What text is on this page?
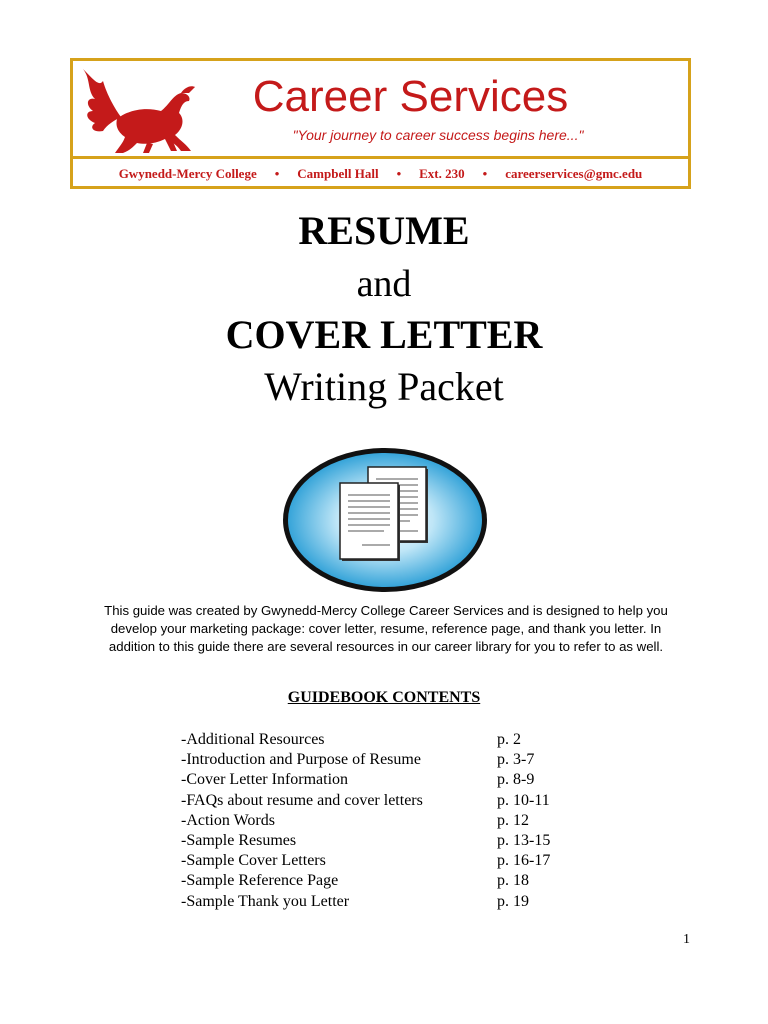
Career Services
"Your journey to career success begins here..."
Gwynedd-Mercy College • Campbell Hall • Ext. 230 • careerservices@gmc.edu
RESUME
and
COVER LETTER
Writing Packet
This guide was created by Gwynedd-Mercy College Career Services and is designed to help you develop your marketing package: cover letter, resume, reference page, and thank you letter. In addition to this guide there are several resources in our career library for you to refer to as well.
GUIDEBOOK CONTENTS
-Additional Resources	p. 2
-Introduction and Purpose of Resume	p. 3-7
-Cover Letter Information	p. 8-9
-FAQs about resume and cover letters	p. 10-11
-Action Words	p. 12
-Sample Resumes	p. 13-15
-Sample Cover Letters	p. 16-17
-Sample Reference Page	p. 18
-Sample Thank you Letter	p. 19
1
